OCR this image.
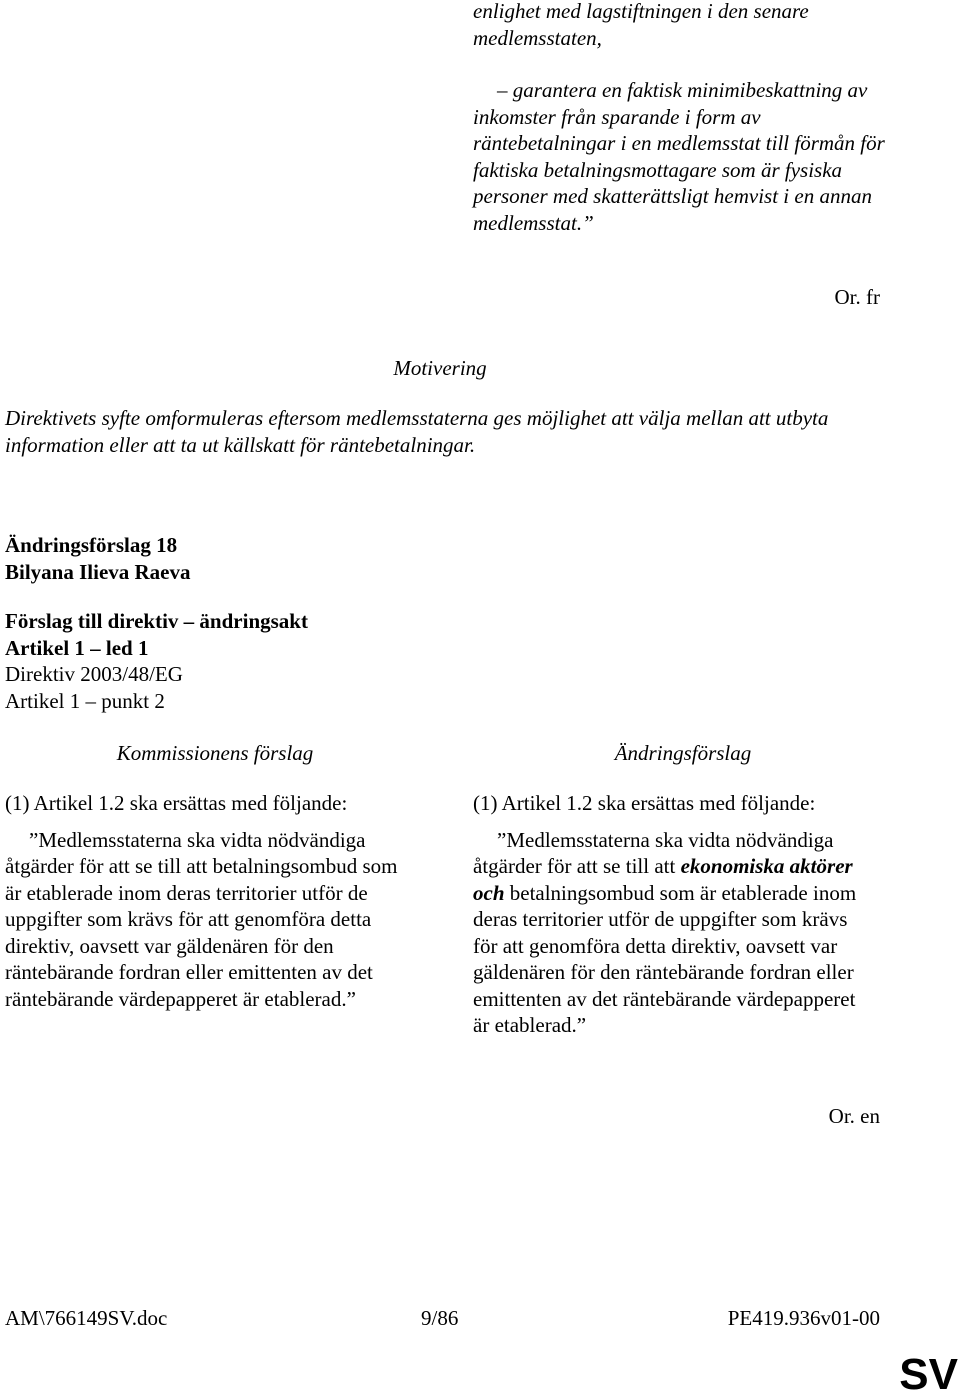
enlighet med lagstiftningen i den senare medlemsstaten,

– garantera en faktisk minimibeskattning av inkomster från sparande i form av räntebetalningar i en medlemsstat till förmån för faktiska betalningsmottagare som är fysiska personer med skatterättsligt hemvist i en annan medlemsstat.”

Or. fr
Motivering
Direktivets syfte omformuleras eftersom medlemsstaterna ges möjlighet att välja mellan att utbyta information eller att ta ut källskatt för räntebetalningar.
Ändringsförslag 18
Bilyana Ilieva Raeva
Förslag till direktiv – ändringsakt
Artikel 1 – led 1
Direktiv 2003/48/EG
Artikel 1 – punkt 2
Kommissionens förslag	Ändringsförslag

(1) Artikel 1.2 ska ersättas med följande:

”Medlemsstaterna ska vidta nödvändiga åtgärder för att se till att betalningsombud som är etablerade inom deras territorier utför de uppgifter som krävs för att genomföra detta direktiv, oavsett var gäldenären för den räntebärande fordran eller emittenten av det räntebärande värdepapperet är etablerad.”

(1) Artikel 1.2 ska ersättas med följande:

”Medlemsstaterna ska vidta nödvändiga åtgärder för att se till att ekonomiska aktörer och betalningsombud som är etablerade inom deras territorier utför de uppgifter som krävs för att genomföra detta direktiv, oavsett var gäldenären för den räntebärande fordran eller emittenten av det räntebärande värdepapperet är etablerad.”

Or. en
AM\766149SV.doc	9/86	PE419.936v01-00
SV
